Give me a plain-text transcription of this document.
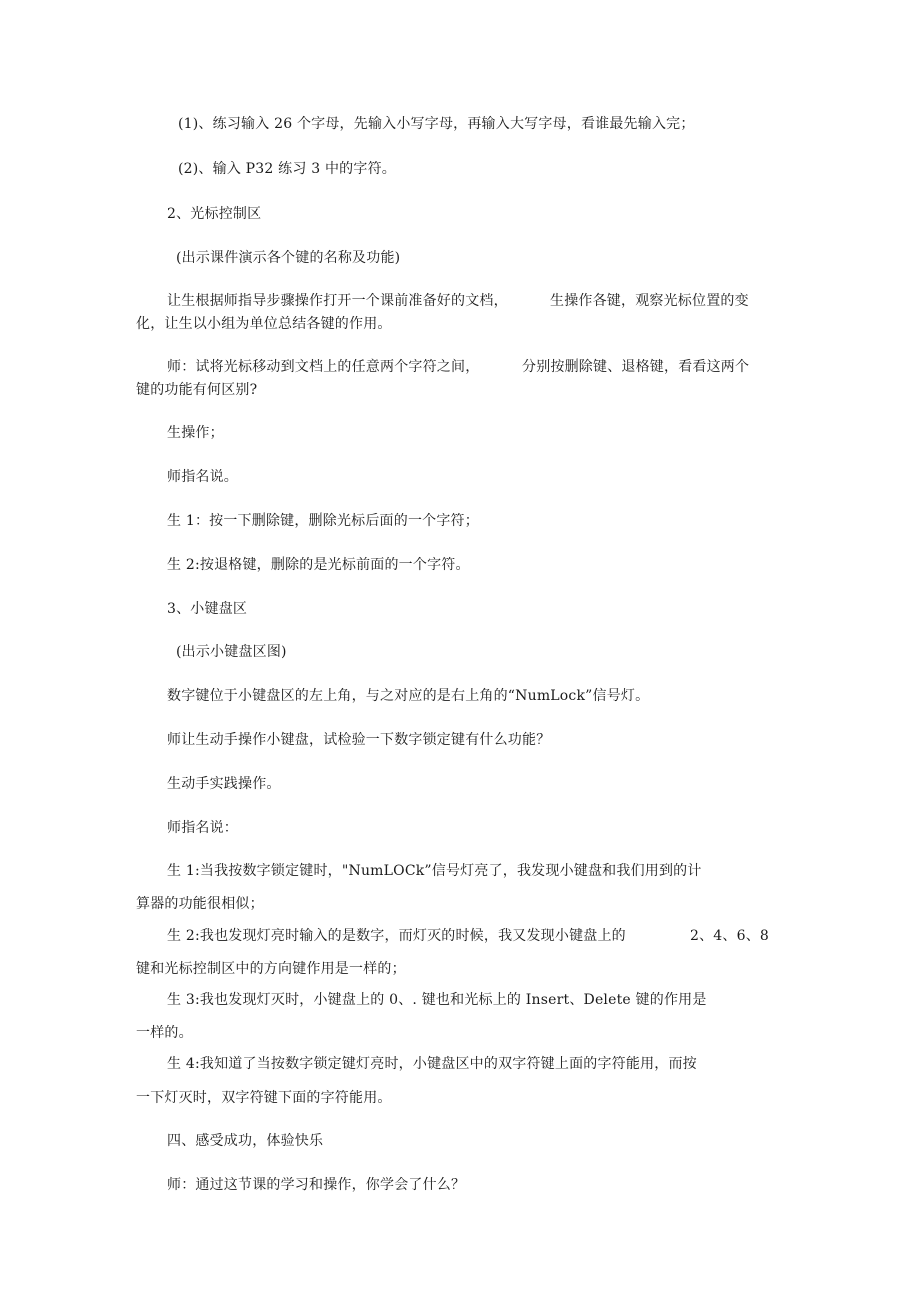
(1)、练习输入 26 个字母，先输入小写字母，再输入大写字母，看谁最先输入完；
(2)、输入 P32 练习 3 中的字符。
2、光标控制区
(出示课件演示各个键的名称及功能)
让生根据师指导步骤操作打开一个课前准备好的文档，	生操作各键，观察光标位置的变
化，让生以小组为单位总结各键的作用。
师：试将光标移动到文档上的任意两个字符之间，	分别按删除键、退格键，看看这两个
键的功能有何区别?
生操作；
师指名说。
生 1：按一下删除键，删除光标后面的一个字符；
生 2:按退格键，删除的是光标前面的一个字符。
3、小键盘区
(出示小键盘区图)
数字键位于小键盘区的左上角，与之对应的是右上角的“NumLock”信号灯。
师让生动手操作小键盘，试检验一下数字锁定键有什么功能？
生动手实践操作。
师指名说：
生 1:当我按数字锁定键时，"NumLOCk”信号灯亮了，我发现小键盘和我们用到的计
算器的功能很相似；
生 2:我也发现灯亮时输入的是数字，而灯灭的时候，我又发现小键盘上的	2、4、6、8
键和光标控制区中的方向键作用是一样的；
生 3:我也发现灯灭时，小键盘上的 0、. 键也和光标上的 Insert、Delete 键的作用是
一样的。
生 4:我知道了当按数字锁定键灯亮时，小键盘区中的双字符键上面的字符能用，而按
一下灯灭时，双字符键下面的字符能用。
四、感受成功，体验快乐
师：通过这节课的学习和操作，你学会了什么？
